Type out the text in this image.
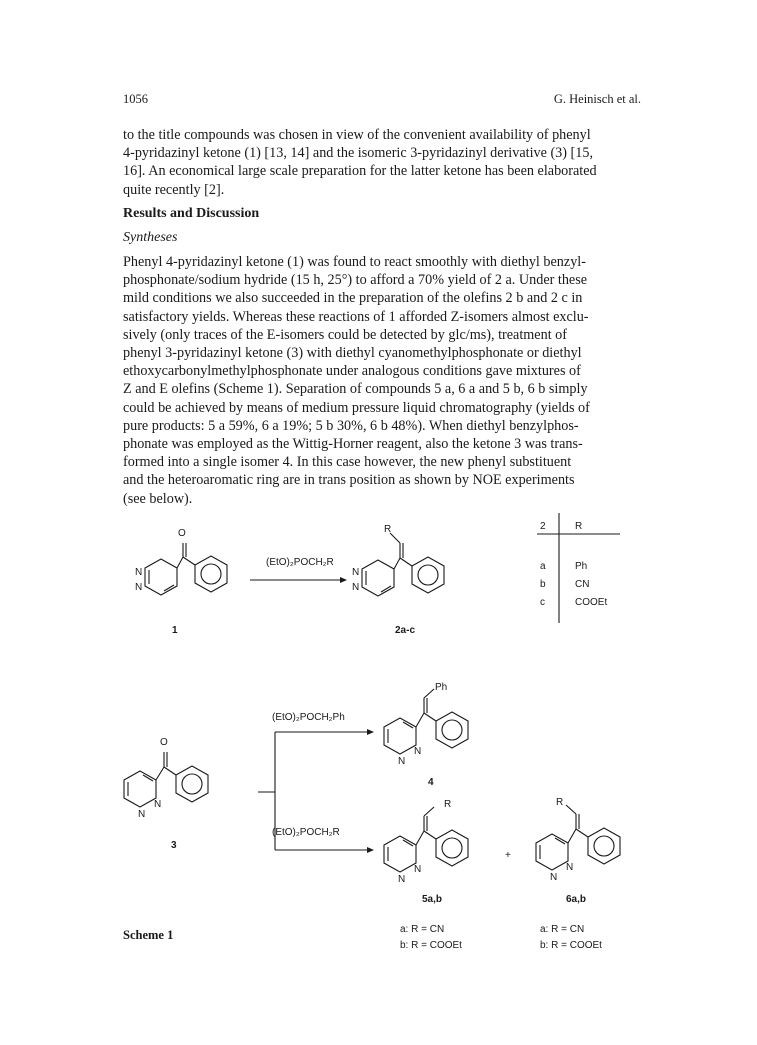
1056	G. Heinisch et al.
to the title compounds was chosen in view of the convenient availability of phenyl
4-pyridazinyl ketone (1) [13, 14] and the isomeric 3-pyridazinyl derivative (3) [15,
16]. An economical large scale preparation for the latter ketone has been elaborated
quite recently [2].
Results and Discussion
Syntheses
Phenyl 4-pyridazinyl ketone (1) was found to react smoothly with diethyl benzyl-
phosphonate/sodium hydride (15 h, 25°) to afford a 70% yield of 2 a. Under these
mild conditions we also succeeded in the preparation of the olefins 2 b and 2 c in
satisfactory yields. Whereas these reactions of 1 afforded Z-isomers almost exclu-
sively (only traces of the E-isomers could be detected by glc/ms), treatment of
phenyl 3-pyridazinyl ketone (3) with diethyl cyanomethylphosphonate or diethyl
ethoxycarbonylmethylphosphonate under analogous conditions gave mixtures of
Z and E olefins (Scheme 1). Separation of compounds 5 a, 6 a and 5 b, 6 b simply
could be achieved by means of medium pressure liquid chromatography (yields of
pure products: 5 a 59%, 6 a 19%; 5 b 30%, 6 b 48%). When diethyl benzylphos-
phonate was employed as the Wittig-Horner reagent, also the ketone 3 was trans-
formed into a single isomer 4. In this case however, the new phenyl substituent
and the heteroaromatic ring are in trans position as shown by NOE experiments
(see below).
O
N
N
1
(EtO)₂POCH₂R
R
N
N
2a-c
2	R
a	Ph
b	CN
c	COOEt
O
N
N
3
(EtO)₂POCH₂Ph
(EtO)₂POCH₂R
Ph
N
N
4
R
N
N
5a,b
+
R
N
N
6a,b
a: R = CN
b: R = COOEt
a: R = CN
b: R = COOEt
Scheme 1
